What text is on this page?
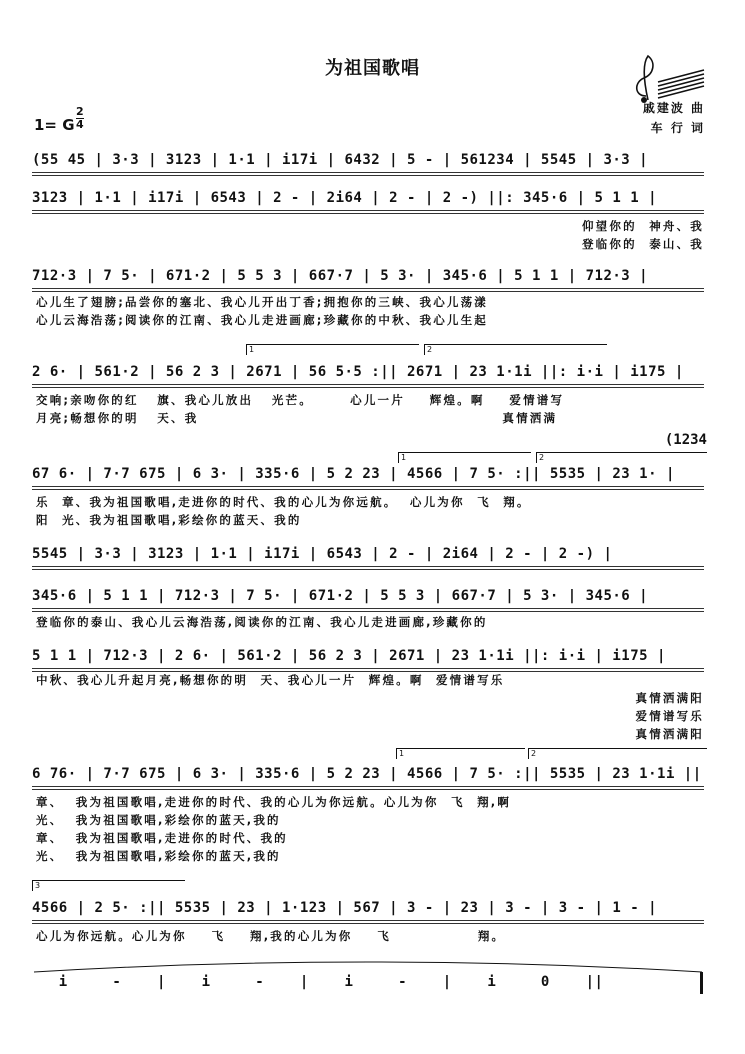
为祖国歌唱
戚建波 曲
车 行 词
1= G
2
4
(55 45 | 3·3 | 3123 | 1·1 | i17i | 6432 | 5 - | 561234 | 5545 | 3·3 |
3123 | 1·1 | i17i | 6543 | 2 - | 2i64 | 2 - | 2 -) ||: 345·6 | 5 1 1 |
仰望你的  神舟、我
登临你的  泰山、我
712·3 | 7 5· | 671·2 | 5 5 3 | 667·7 | 5 3· | 345·6 | 5 1 1 | 712·3 |
心儿生了翅膀;品尝你的塞北、我心儿开出丁香;拥抱你的三峡、我心儿荡漾
心儿云海浩荡;阅读你的江南、我心儿走进画廊;珍藏你的中秋、我心儿生起
1	2
2 6· | 561·2 | 56 2 3 | 2671 | 56 5·5 :|| 2671 | 23 1·1i ||: i·i | i175 |
交响;亲吻你的红   旗、我心儿放出   光芒。      心儿一片    辉煌。啊    爱情谱写
月亮;畅想你的明   天、我                                                 真情洒满
(1234
1	2
67 6· | 7·7 675 | 6 3· | 335·6 | 5 2 23 | 4566 | 7 5· :|| 5535 | 23 1· |
乐  章、我为祖国歌唱,走进你的时代、我的心儿为你远航。  心儿为你  飞  翔。
阳  光、我为祖国歌唱,彩绘你的蓝天、我的
5545 | 3·3 | 3123 | 1·1 | i17i | 6543 | 2 - | 2i64 | 2 - | 2 -) |
345·6 | 5 1 1 | 712·3 | 7 5· | 671·2 | 5 5 3 | 667·7 | 5 3· | 345·6 |
登临你的泰山、我心儿云海浩荡,阅读你的江南、我心儿走进画廊,珍藏你的
5 1 1 | 712·3 | 2 6· | 561·2 | 56 2 3 | 2671 | 23 1·1i ||: i·i | i175 |
中秋、我心儿升起月亮,畅想你的明  天、我心儿一片  辉煌。啊  爱情谱写乐
真情洒满阳
爱情谱写乐
真情洒满阳
1	2
6 76· | 7·7 675 | 6 3· | 335·6 | 5 2 23 | 4566 | 7 5· :|| 5535 | 23 1·1i ||
章、  我为祖国歌唱,走进你的时代、我的心儿为你远航。心儿为你  飞  翔,啊
光、  我为祖国歌唱,彩绘你的蓝天,我的
章、  我为祖国歌唱,走进你的时代、我的
光、  我为祖国歌唱,彩绘你的蓝天,我的
3
4566 | 2 5· :|| 5535 | 23 | 1·123 | 567 | 3 - | 23 | 3 - | 3 - | 1 - |
心儿为你远航。心儿为你    飞    翔,我的心儿为你    飞              翔。
i     -    |    i     -    |    i     -    |    i     0    ||
